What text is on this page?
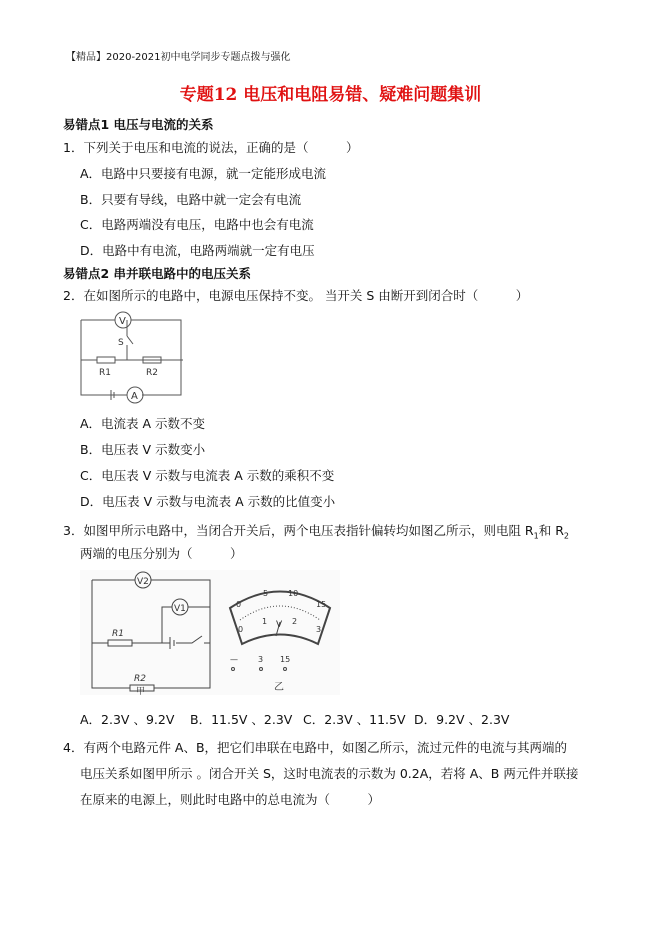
【精品】2020-2021初中电学同步专题点拨与强化
专题12 电压和电阻易错、疑难问题集训
易错点1 电压与电流的关系
1．下列关于电压和电流的说法，正确的是（　　　）
A．电路中只要接有电源，就一定能形成电流
B．只要有导线，电路中就一定会有电流
C．电路两端没有电压，电路中也会有电流
D．电路中有电流，电路两端就一定有电压
易错点2 串并联电路中的电压关系
2．在如图所示的电路中，电源电压保持不变。 当开关 S 由断开到闭合时（　　　）
V
A
S
R1	R2
A．电流表 A 示数不变
B．电压表 V 示数变小
C．电压表 V 示数与电流表 A 示数的乘积不变
D．电压表 V 示数与电流表 A 示数的比值变小
3．如图甲所示电路中，当闭合开关后，两个电压表指针偏转均如图乙所示，则电阻 $R_1$和 $R_2$
两端的电压分别为（　　　）
V2
V1
R1
R2
甲
0
5 10
15
0
1	2
3
V
—	3 15
乙
A．2.3V 、9.2V B．11.5V 、2.3V C．2.3V 、11.5V D．9.2V 、2.3V
4．有两个电路元件 A、B，把它们串联在电路中，如图乙所示，流过元件的电流与其两端的
电压关系如图甲所示 。闭合开关 S，这时电流表的示数为 0.2A，若将 A、B 两元件并联接
在原来的电源上，则此时电路中的总电流为（　　　）
